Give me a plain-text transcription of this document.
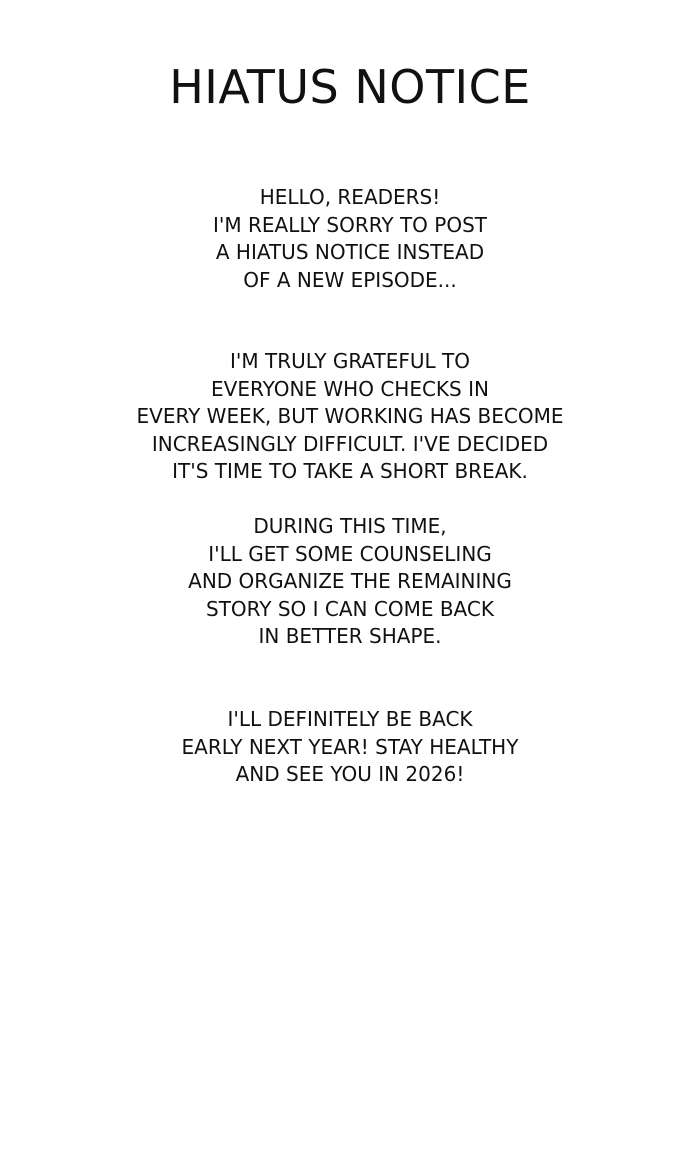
HIATUS NOTICE

HELLO, READERS!
I'M REALLY SORRY TO POST
A HIATUS NOTICE INSTEAD
OF A NEW EPISODE...

I'M TRULY GRATEFUL TO
EVERYONE WHO CHECKS IN
EVERY WEEK, BUT WORKING HAS BECOME
INCREASINGLY DIFFICULT. I'VE DECIDED
IT'S TIME TO TAKE A SHORT BREAK.

DURING THIS TIME,
I'LL GET SOME COUNSELING
AND ORGANIZE THE REMAINING
STORY SO I CAN COME BACK
IN BETTER SHAPE.

I'LL DEFINITELY BE BACK
EARLY NEXT YEAR! STAY HEALTHY
AND SEE YOU IN 2026!
